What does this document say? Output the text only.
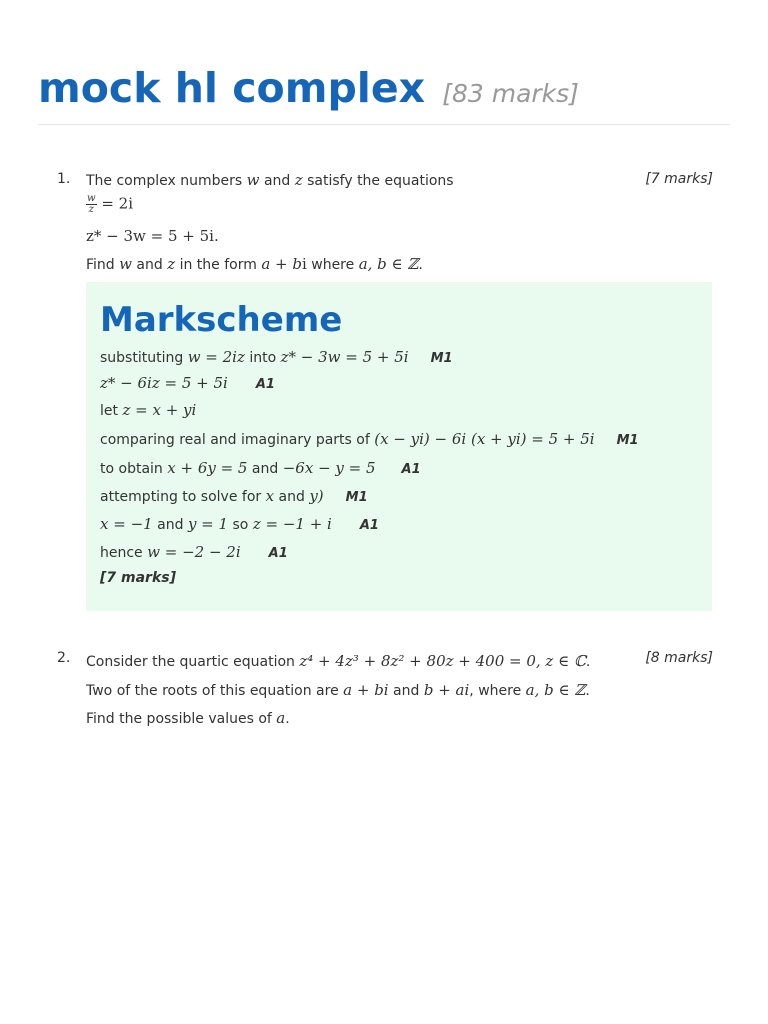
mock hl complex [83 marks]
1.	[7 marks]
The complex numbers w and z satisfy the equations
$\frac{w}{z} = 2i$
z* − 3w = 5 + 5i.
Find w and z in the form a + bi where a, b ∈ ℤ.
Markscheme
substituting w = 2iz into z* − 3w = 5 + 5i M1
z* − 6iz = 5 + 5i A1
let z = x + yi
comparing real and imaginary parts of (x − yi) − 6i (x + yi) = 5 + 5i M1
to obtain x + 6y = 5 and −6x − y = 5 A1
attempting to solve for x and y) M1
x = −1 and y = 1 so z = −1 + i A1
hence w = −2 − 2i A1
[7 marks]
2.	[8 marks]
Consider the quartic equation z⁴ + 4z³ + 8z² + 80z + 400 = 0, z ∈ ℂ.
Two of the roots of this equation are a + bi and b + ai, where a, b ∈ ℤ.
Find the possible values of a.
